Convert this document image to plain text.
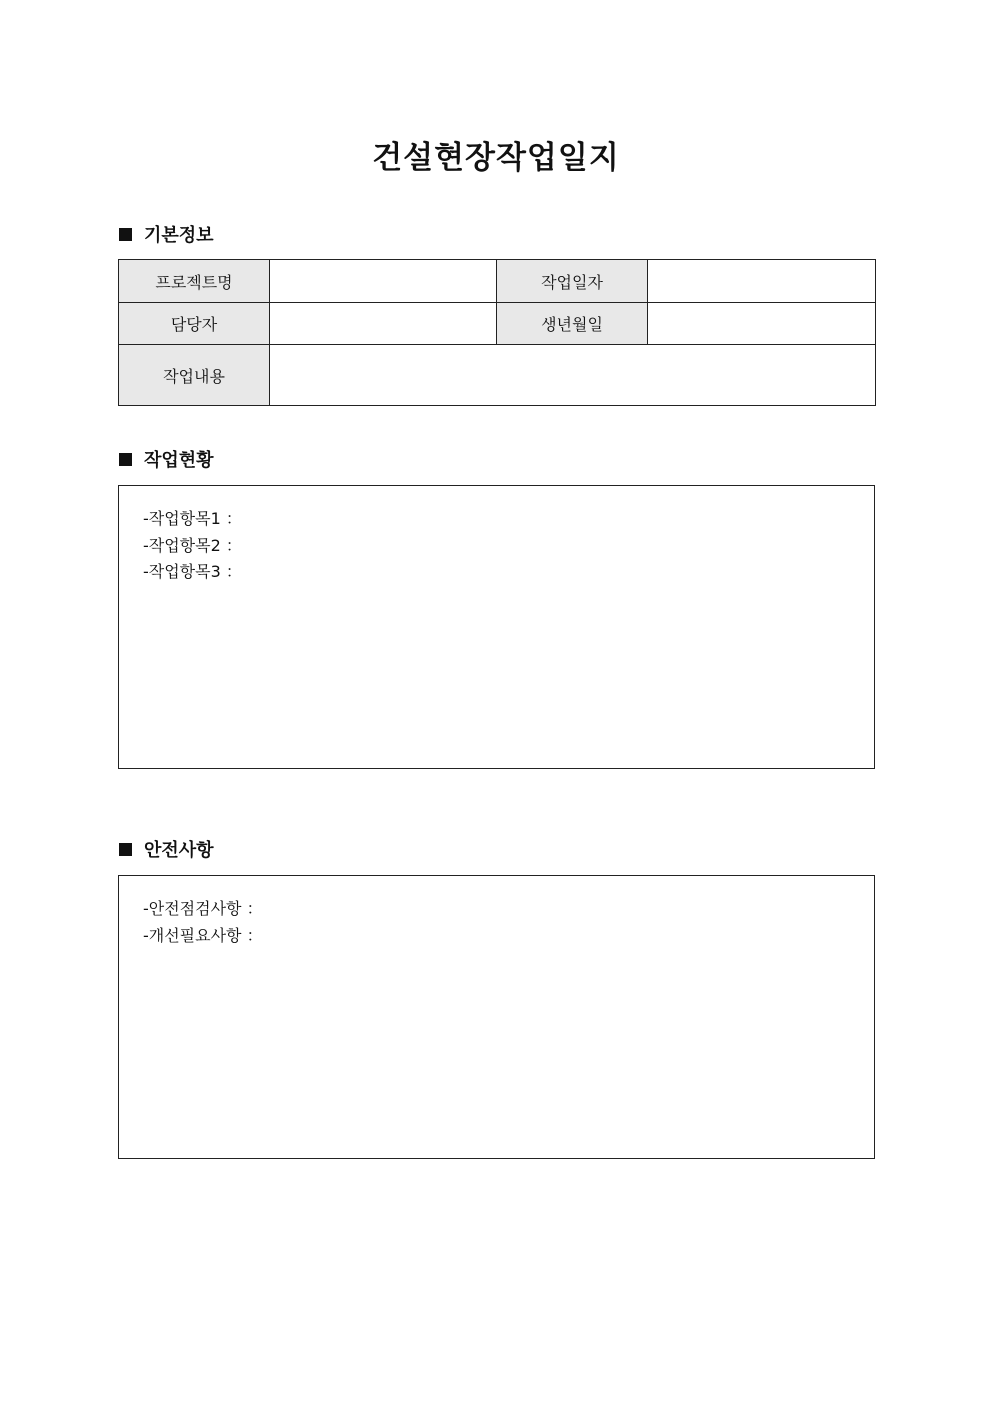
건설현장작업일지
기본정보
프로젝트명		작업일자	
담당자		생년월일	
작업내용			
작업현황
-작업항목1 ：
-작업항목2 ：
-작업항목3 ：
안전사항
-안전점검사항 ：
-개선필요사항 ：
